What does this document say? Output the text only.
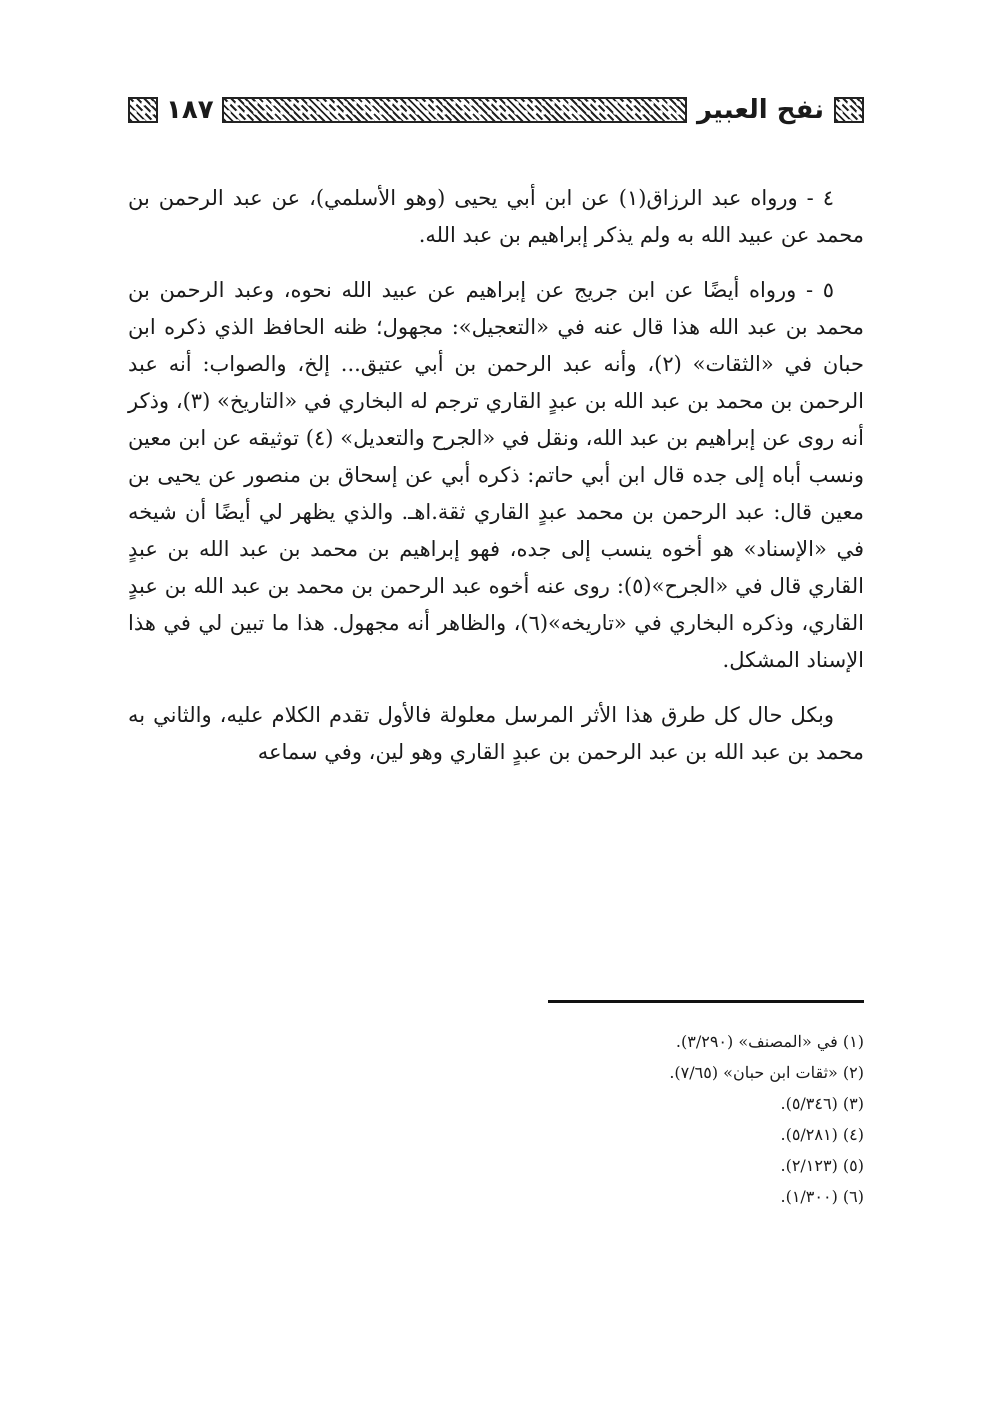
١٨٧	نفح العبير

٤ - ورواه عبد الرزاق(١) عن ابن أبي يحيى (وهو الأسلمي)، عن عبد الرحمن بن محمد عن عبيد الله به ولم يذكر إبراهيم بن عبد الله.

٥ - ورواه أيضًا عن ابن جريج عن إبراهيم عن عبيد الله نحوه، وعبد الرحمن بن محمد بن عبد الله هذا قال عنه في «التعجيل»: مجهول؛ ظنه الحافظ الذي ذكره ابن حبان في «الثقات» (٢)، وأنه عبد الرحمن بن أبي عتيق... إلخ، والصواب: أنه عبد الرحمن بن محمد بن عبد الله بن عبدٍ القاري ترجم له البخاري في «التاريخ» (٣)، وذكر أنه روى عن إبراهيم بن عبد الله، ونقل في «الجرح والتعديل» (٤) توثيقه عن ابن معين ونسب أباه إلى جده قال ابن أبي حاتم: ذكره أبي عن إسحاق بن منصور عن يحيى بن معين قال: عبد الرحمن بن محمد عبدٍ القاري ثقة.اهـ. والذي يظهر لي أيضًا أن شيخه في «الإسناد» هو أخوه ينسب إلى جده، فهو إبراهيم بن محمد بن عبد الله بن عبدٍ القاري قال في «الجرح»(٥): روى عنه أخوه عبد الرحمن بن محمد بن عبد الله بن عبدٍ القاري، وذكره البخاري في «تاريخه»(٦)، والظاهر أنه مجهول. هذا ما تبين لي في هذا الإسناد المشكل.

وبكل حال كل طرق هذا الأثر المرسل معلولة فالأول تقدم الكلام عليه، والثاني به محمد بن عبد الله بن عبد الرحمن بن عبدٍ القاري وهو لين، وفي سماعه

(١) في «المصنف» (٣/٢٩٠).

(٢) «ثقات ابن حبان» (٧/٦٥).

(٣) (٥/٣٤٦).

(٤) (٥/٢٨١).

(٥) (٢/١٢٣).

(٦) (١/٣٠٠).
